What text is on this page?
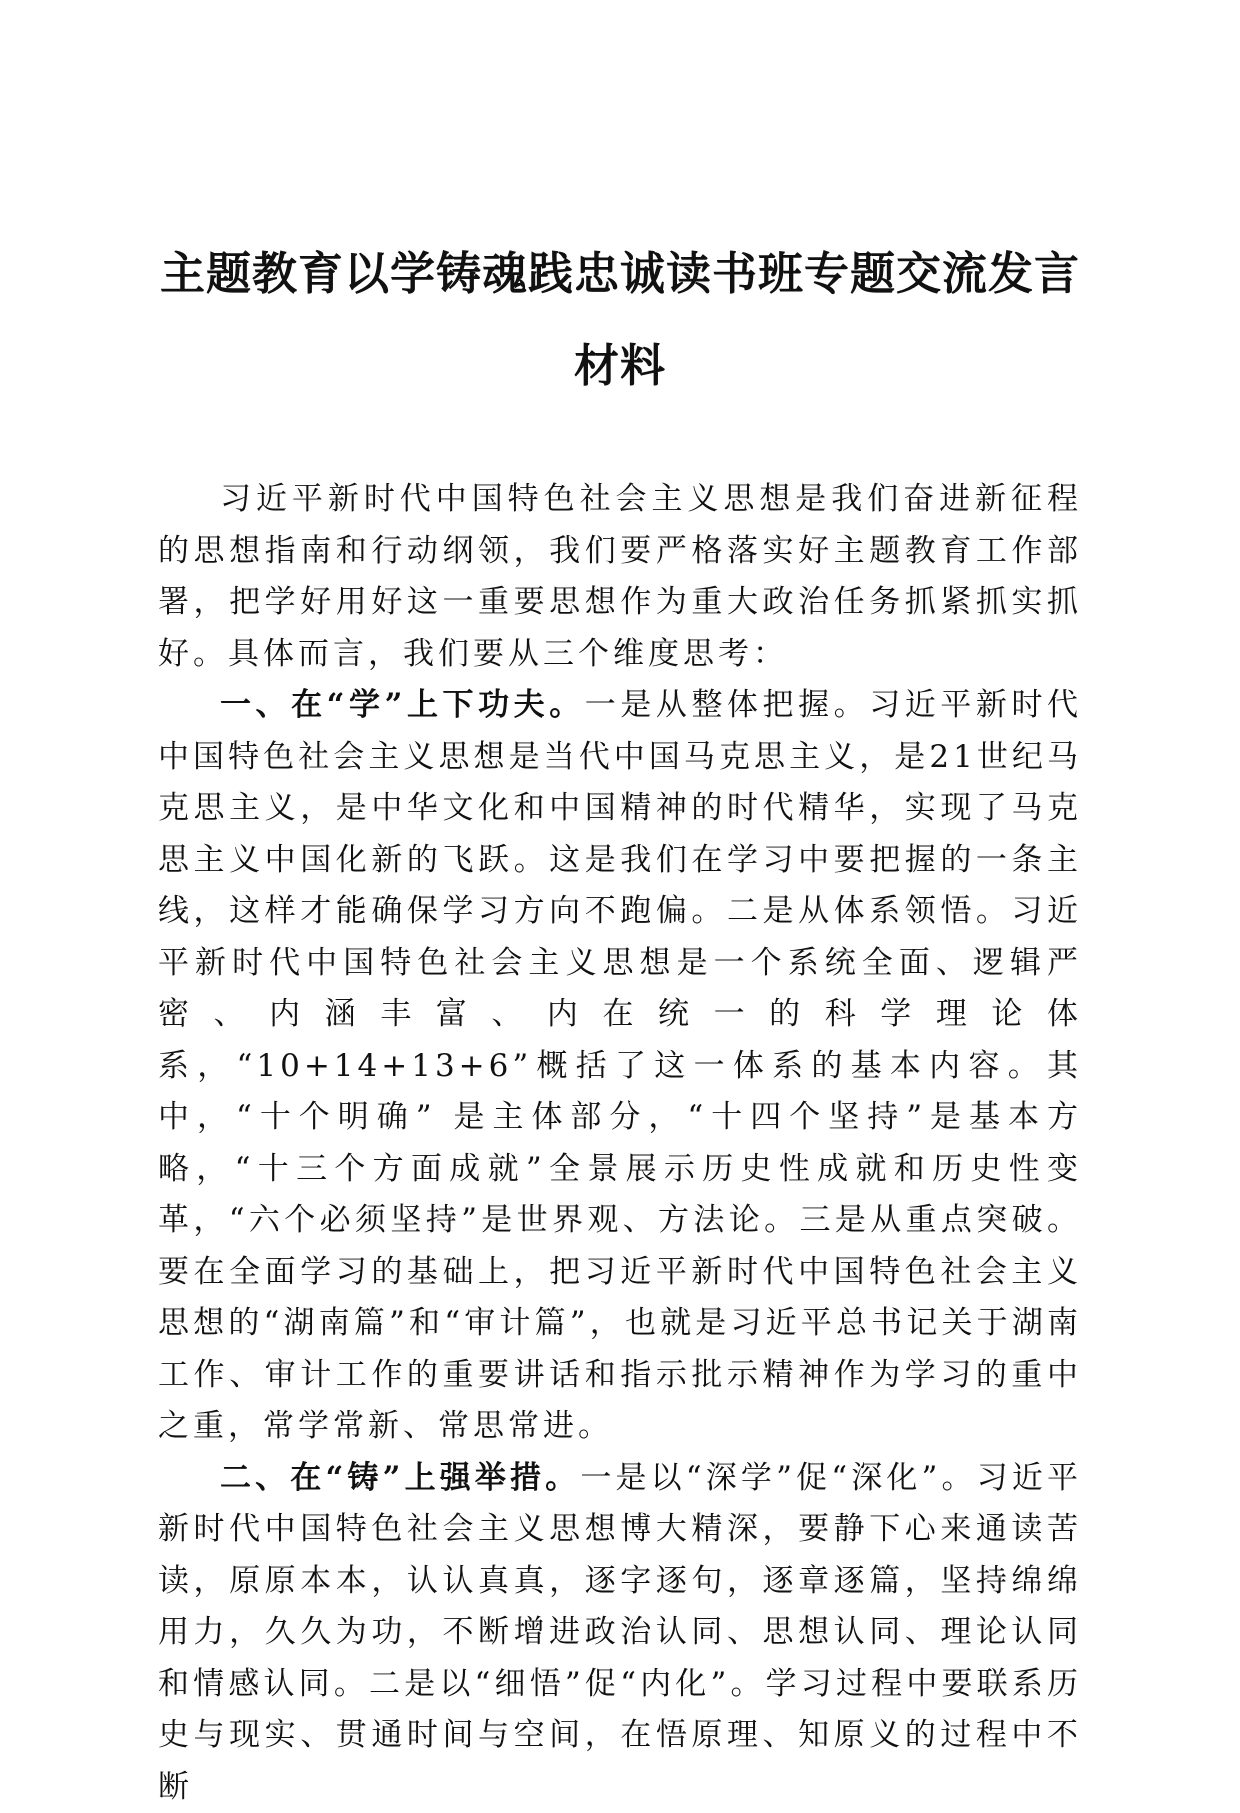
主题教育以学铸魂践忠诚读书班专题交流发言材料

习近平新时代中国特色社会主义思想是我们奋进新征程的思想指南和行动纲领，我们要严格落实好主题教育工作部署，把学好用好这一重要思想作为重大政治任务抓紧抓实抓好。具体而言，我们要从三个维度思考：

一、在“学”上下功夫。一是从整体把握。习近平新时代中国特色社会主义思想是当代中国马克思主义，是21世纪马克思主义，是中华文化和中国精神的时代精华，实现了马克思主义中国化新的飞跃。这是我们在学习中要把握的一条主线，这样才能确保学习方向不跑偏。二是从体系领悟。习近平新时代中国特色社会主义思想是一个系统全面、逻辑严密、内涵丰富、内在统一的科学理论体系，“10+14+13+6”概括了这一体系的基本内容。其中，“十个明确” 是主体部分，“十四个坚持”是基本方略，“十三个方面成就”全景展示历史性成就和历史性变革，“六个必须坚持”是世界观、方法论。三是从重点突破。要在全面学习的基础上，把习近平新时代中国特色社会主义思想的“湖南篇”和“审计篇”，也就是习近平总书记关于湖南工作、审计工作的重要讲话和指示批示精神作为学习的重中之重，常学常新、常思常进。

二、在“铸”上强举措。一是以“深学”促“深化”。习近平新时代中国特色社会主义思想博大精深，要静下心来通读苦读，原原本本，认认真真，逐字逐句，逐章逐篇，坚持绵绵用力，久久为功，不断增进政治认同、思想认同、理论认同和情感认同。二是以“细悟”促“内化”。学习过程中要联系历史与现实、贯通时间与空间，在悟原理、知原义的过程中不断
